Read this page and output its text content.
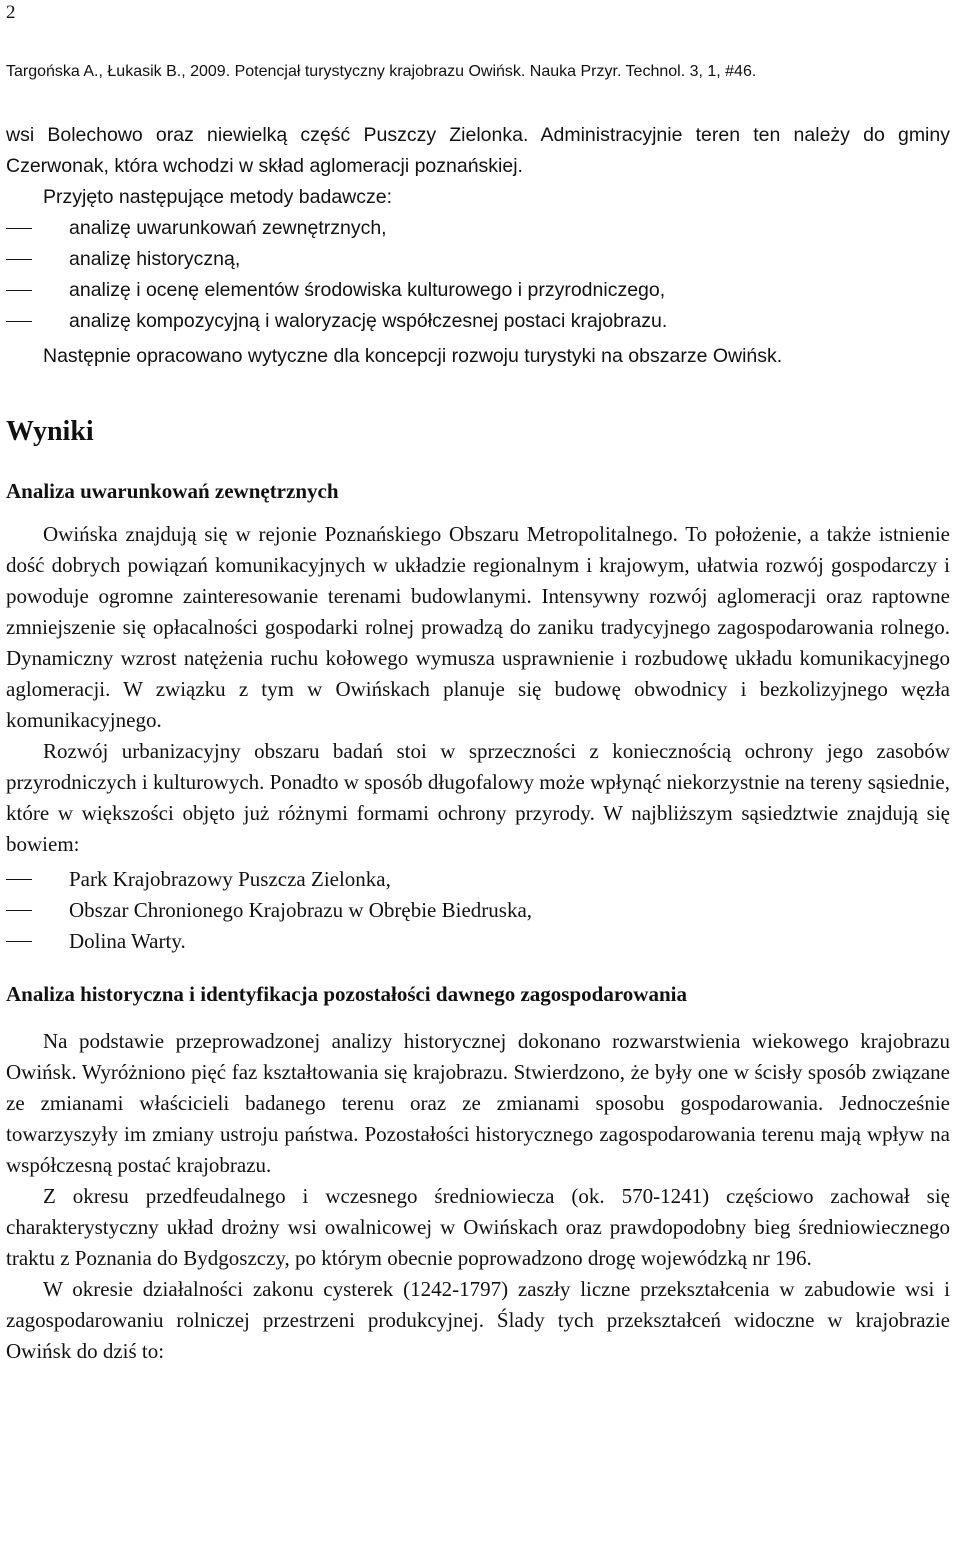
2
Targońska A., Łukasik B., 2009. Potencjał turystyczny krajobrazu Owińsk. Nauka Przyr. Technol. 3, 1, #46.

wsi Bolechowo oraz niewielką część Puszczy Zielonka. Administracyjnie teren ten należy do gminy Czerwonak, która wchodzi w skład aglomeracji poznańskiej.
Przyjęto następujące metody badawcze:

analizę uwarunkowań zewnętrznych,
analizę historyczną,
analizę i ocenę elementów środowiska kulturowego i przyrodniczego,
analizę kompozycyjną i waloryzację współczesnej postaci krajobrazu.

Następnie opracowano wytyczne dla koncepcji rozwoju turystyki na obszarze Owińsk.

Wyniki
Analiza uwarunkowań zewnętrznych

Owińska znajdują się w rejonie Poznańskiego Obszaru Metropolitalnego. To położenie, a także istnienie dość dobrych powiązań komunikacyjnych w układzie regionalnym i krajowym, ułatwia rozwój gospodarczy i powoduje ogromne zainteresowanie terenami budowlanymi. Intensywny rozwój aglomeracji oraz raptowne zmniejszenie się opłacalności gospodarki rolnej prowadzą do zaniku tradycyjnego zagospodarowania rolnego. Dynamiczny wzrost natężenia ruchu kołowego wymusza usprawnienie i rozbudowę układu komunikacyjnego aglomeracji. W związku z tym w Owińskach planuje się budowę obwodnicy i bezkolizyjnego węzła komunikacyjnego.

Rozwój urbanizacyjny obszaru badań stoi w sprzeczności z koniecznością ochrony jego zasobów przyrodniczych i kulturowych. Ponadto w sposób długofalowy może wpłynąć niekorzystnie na tereny sąsiednie, które w większości objęto już różnymi formami ochrony przyrody. W najbliższym sąsiedztwie znajdują się bowiem:

Park Krajobrazowy Puszcza Zielonka,
Obszar Chronionego Krajobrazu w Obrębie Biedruska,
Dolina Warty.
Analiza historyczna i identyfikacja pozostałości dawnego zagospodarowania

Na podstawie przeprowadzonej analizy historycznej dokonano rozwarstwienia wiekowego krajobrazu Owińsk. Wyróżniono pięć faz kształtowania się krajobrazu. Stwierdzono, że były one w ścisły sposób związane ze zmianami właścicieli badanego terenu oraz ze zmianami sposobu gospodarowania. Jednocześnie towarzyszyły im zmiany ustroju państwa. Pozostałości historycznego zagospodarowania terenu mają wpływ na współczesną postać krajobrazu.

Z okresu przedfeudalnego i wczesnego średniowiecza (ok. 570-1241) częściowo zachował się charakterystyczny układ drożny wsi owalnicowej w Owińskach oraz prawdopodobny bieg średniowiecznego traktu z Poznania do Bydgoszczy, po którym obecnie poprowadzono drogę wojewódzką nr 196.

W okresie działalności zakonu cysterek (1242-1797) zaszły liczne przekształcenia w zabudowie wsi i zagospodarowaniu rolniczej przestrzeni produkcyjnej. Ślady tych przekształceń widoczne w krajobrazie Owińsk do dziś to:
